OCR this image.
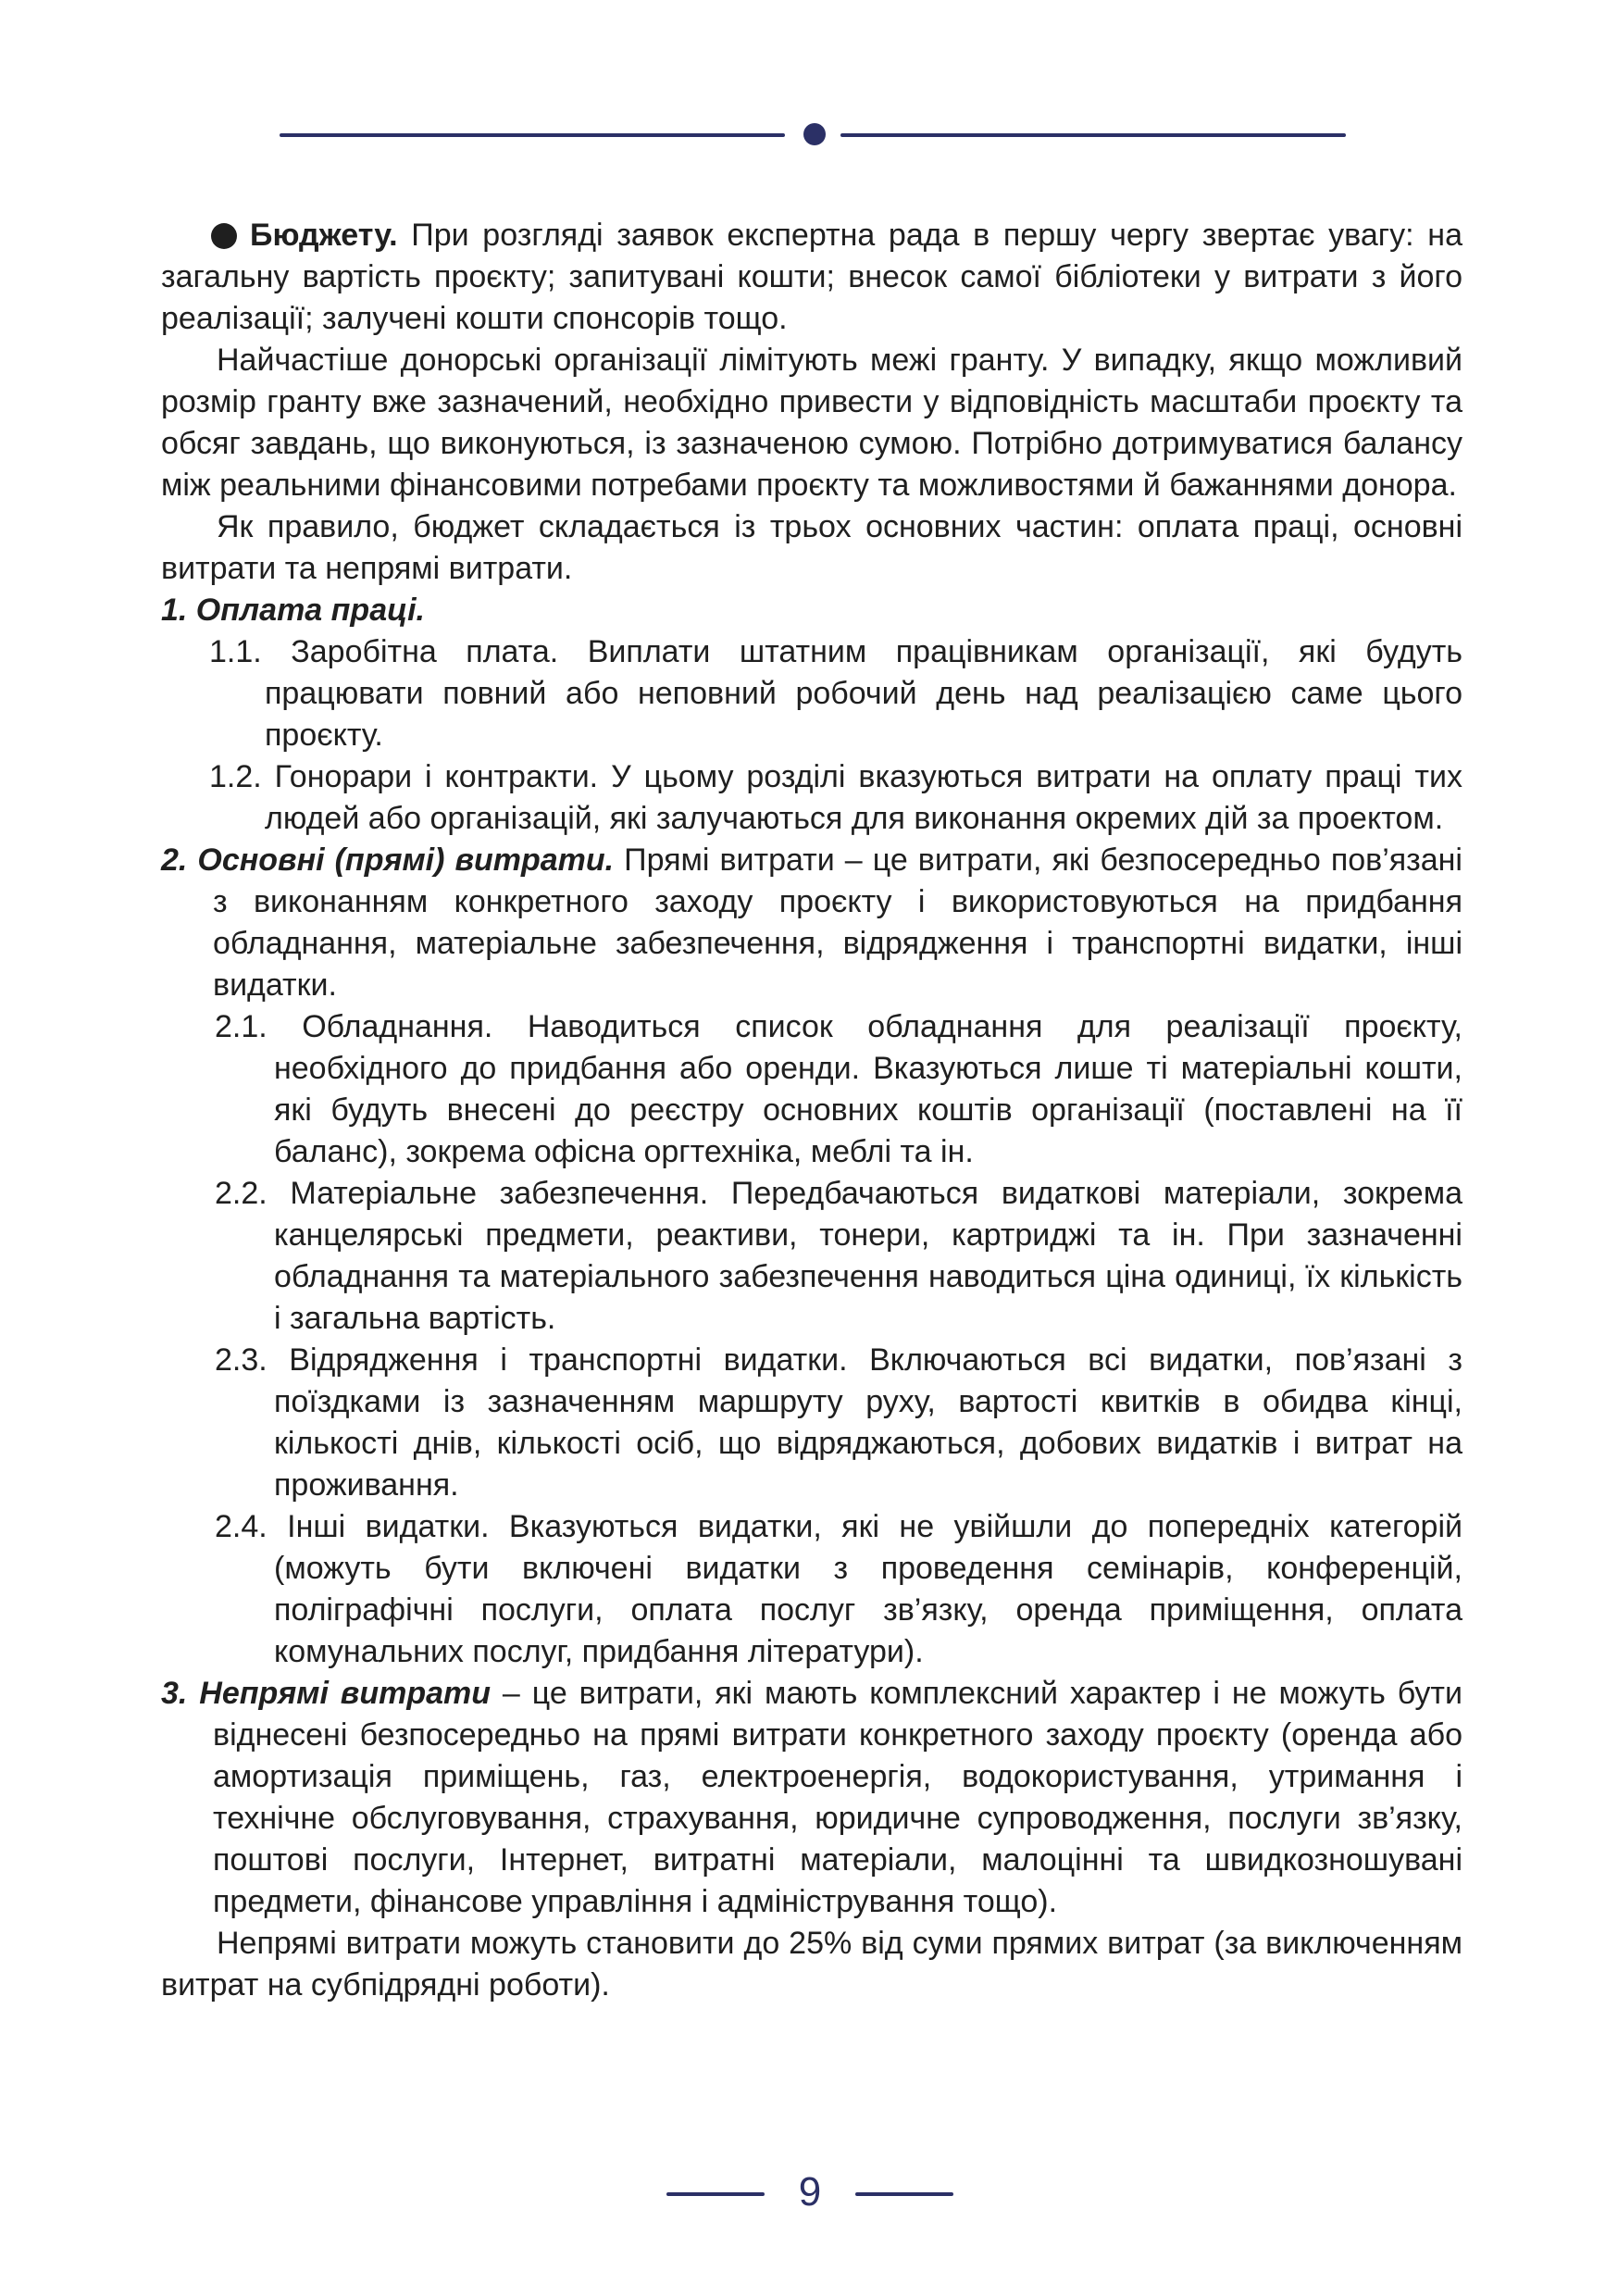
Бюджету. При розгляді заявок експертна рада в першу чергу звертає увагу: на загальну вартість проєкту; запитувані кошти; внесок самої бібліотеки у витрати з його реалізації; залучені кошти спонсорів тощо.

Найчастіше донорські організації лімітують межі гранту. У випадку, якщо можливий розмір гранту вже зазначений, необхідно привести у відповідність масштаби проєкту та обсяг завдань, що виконуються, із зазначеною сумою. Потрібно дотримуватися балансу між реальними фінансовими потребами проєкту та можливостями й бажаннями донора.

Як правило, бюджет складається із трьох основних частин: оплата праці, основні витрати та непрямі витрати.

1. Оплата праці.

1.1. Заробітна плата. Виплати штатним працівникам організації, які будуть працювати повний або неповний робочий день над реалізацією саме цього проєкту.

1.2. Гонорари і контракти. У цьому розділі вказуються витрати на оплату праці тих людей або організацій, які залучаються для виконання окремих дій за проектом.

2. Основні (прямі) витрати. Прямі витрати – це витрати, які безпосередньо пов’язані з виконанням конкретного заходу проєкту і використовуються на придбання обладнання, матеріальне забезпечення, відрядження і транспортні видатки, інші видатки.

2.1. Обладнання. Наводиться список обладнання для реалізації проєкту, необхідного до придбання або оренди. Вказуються лише ті матеріальні кошти, які будуть внесені до реєстру основних коштів організації (поставлені на її баланс), зокрема офісна оргтехніка, меблі та ін.

2.2. Матеріальне забезпечення. Передбачаються видаткові матеріали, зокрема канцелярські предмети, реактиви, тонери, картриджі та ін. При зазначенні обладнання та матеріального забезпечення наводиться ціна одиниці, їх кількість і загальна вартість.

2.3. Відрядження і транспортні видатки. Включаються всі видатки, пов’язані з поїздками із зазначенням маршруту руху, вартості квитків в обидва кінці, кількості днів, кількості осіб, що відряджаються, добових видатків і витрат на проживання.

2.4. Інші видатки. Вказуються видатки, які не увійшли до попередніх категорій (можуть бути включені видатки з проведення семінарів, конференцій, поліграфічні послуги, оплата послуг зв’язку, оренда приміщення, оплата комунальних послуг, придбання літератури).

3. Непрямі витрати – це витрати, які мають комплексний характер і не можуть бути віднесені безпосередньо на прямі витрати конкретного заходу проєкту (оренда або амортизація приміщень, газ, електроенергія, водокористування, утримання і технічне обслуговування, страхування, юридичне супроводження, послуги зв’язку, поштові послуги, Інтернет, витратні матеріали, малоцінні та швидкозношувані предмети, фінансове управління і адміністрування тощо).

Непрямі витрати можуть становити до 25% від суми прямих витрат (за виключенням витрат на субпідрядні роботи).

9
